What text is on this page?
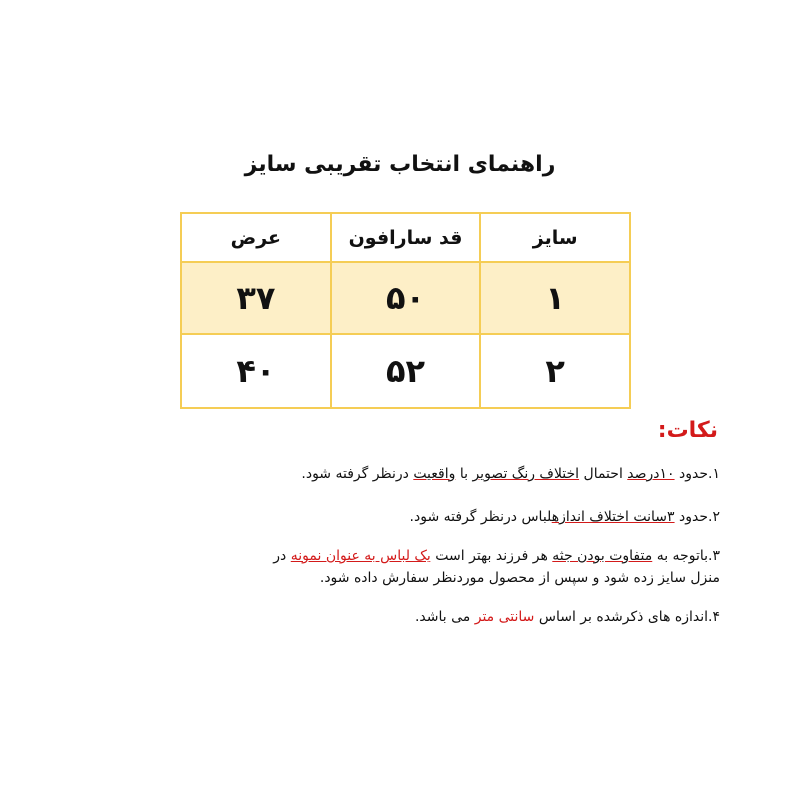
راهنمای انتخاب تقریبی سایز
سایز	قد سارافون	عرض
۱	۵۰	۳۷
۲	۵۲	۴۰
نکات:
۱.حدود ۱۰درصد احتمال اختلاف رنگ تصویر با واقعیت درنظر گرفته شود.
۲.حدود ۳سانت اختلاف اندازهلباس درنظر گرفته شود.
۳.باتوجه به متفاوت بودن جثه هر فرزند بهتر است یک لباس به عنوان نمونه در منزل سایز زده شود و سپس از محصول موردنظر سفارش داده شود.
۴.اندازه های ذکرشده بر اساس سانتی متر می باشد.
